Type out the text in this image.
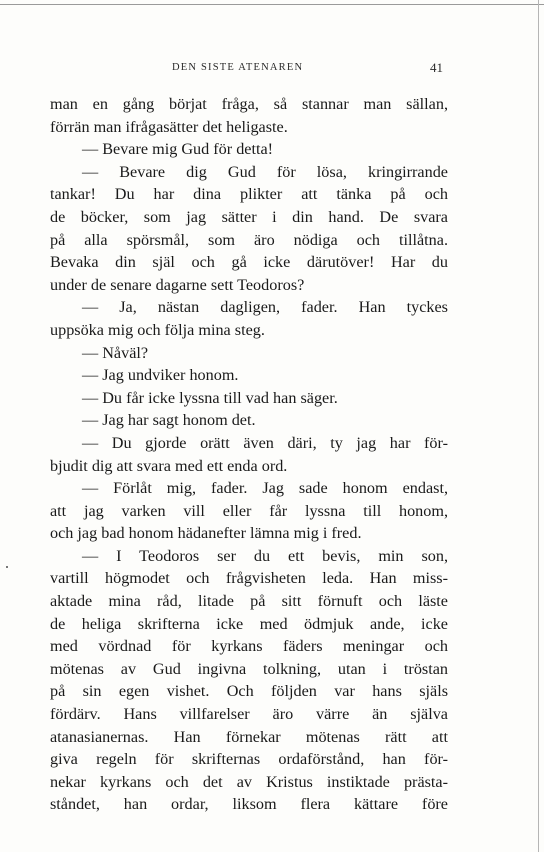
DEN SISTE ATENAREN	41
man en gång börjat fråga, så stannar man sällan,
förrän man ifrågasätter det heligaste.
— Bevare mig Gud för detta!
— Bevare dig Gud för lösa, kringirrande
tankar! Du har dina plikter att tänka på och
de böcker, som jag sätter i din hand. De svara
på alla spörsmål, som äro nödiga och tillåtna.
Bevaka din själ och gå icke därutöver! Har du
under de senare dagarne sett Teodoros?
— Ja, nästan dagligen, fader. Han tyckes
uppsöka mig och följa mina steg.
— Nåväl?
— Jag undviker honom.
— Du får icke lyssna till vad han säger.
— Jag har sagt honom det.
— Du gjorde orätt även däri, ty jag har för-
bjudit dig att svara med ett enda ord.
— Förlåt mig, fader. Jag sade honom endast,
att jag varken vill eller får lyssna till honom,
och jag bad honom hädanefter lämna mig i fred.
— I Teodoros ser du ett bevis, min son,
vartill högmodet och frågvisheten leda. Han miss-
aktade mina råd, litade på sitt förnuft och läste
de heliga skrifterna icke med ödmjuk ande, icke
med vördnad för kyrkans fäders meningar och
mötenas av Gud ingivna tolkning, utan i tröstan
på sin egen vishet. Och följden var hans själs
fördärv. Hans villfarelser äro värre än själva
atanasianernas. Han förnekar mötenas rätt att
giva regeln för skrifternas ordaförstånd, han för-
nekar kyrkans och det av Kristus instiktade prästa-
ståndet, han ordar, liksom flera kättare före
